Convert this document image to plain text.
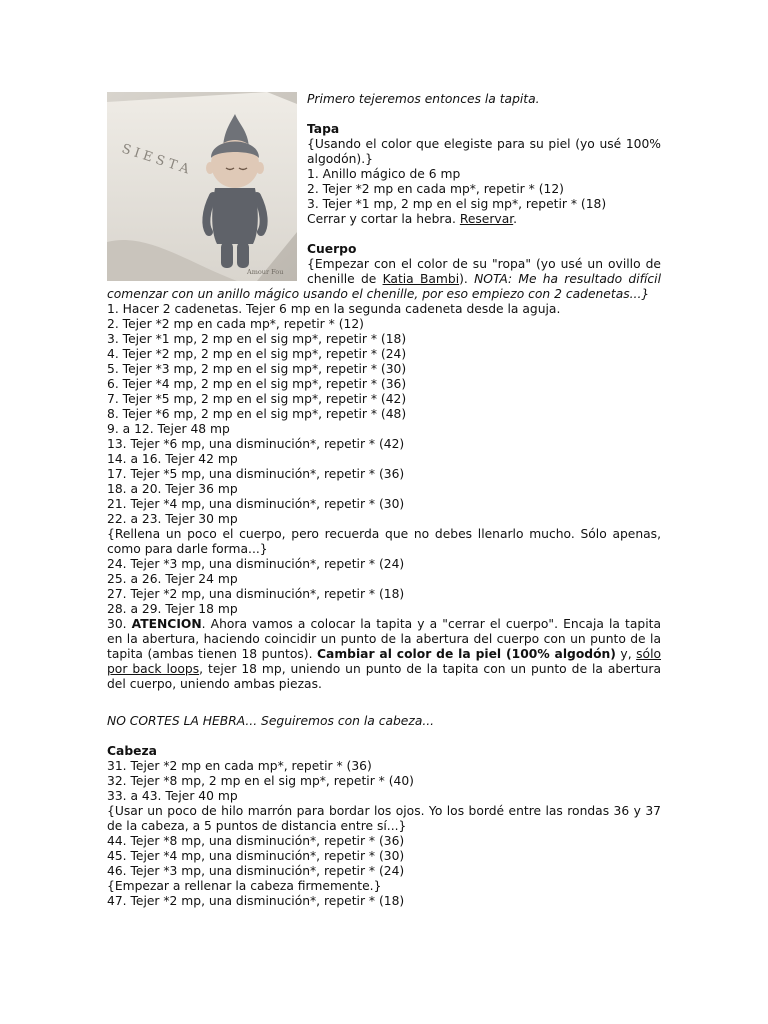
SIESTA
Amour Fou

Primero tejeremos entonces la tapita.

Tapa

{Usando el color que elegiste para su piel (yo usé 100% algodón).}

1. Anillo mágico de 6 mp

2. Tejer *2 mp en cada mp*, repetir * (12)

3. Tejer *1 mp, 2 mp en el sig mp*, repetir * (18)

Cerrar y cortar la hebra. Reservar.

Cuerpo

{Empezar con el color de su "ropa" (yo usé un ovillo de chenille de Katia Bambi). NOTA: Me ha resultado difícil comenzar con un anillo mágico usando el chenille, por eso empiezo con 2 cadenetas...}

1. Hacer 2 cadenetas. Tejer 6 mp en la segunda cadeneta desde la aguja.

2. Tejer *2 mp en cada mp*, repetir * (12)

3. Tejer *1 mp, 2 mp en el sig mp*, repetir * (18)

4. Tejer *2 mp, 2 mp en el sig mp*, repetir * (24)

5. Tejer *3 mp, 2 mp en el sig mp*, repetir * (30)

6. Tejer *4 mp, 2 mp en el sig mp*, repetir * (36)

7. Tejer *5 mp, 2 mp en el sig mp*, repetir * (42)

8. Tejer *6 mp, 2 mp en el sig mp*, repetir * (48)

9. a 12. Tejer 48 mp

13. Tejer *6 mp, una disminución*, repetir * (42)

14. a 16. Tejer 42 mp

17. Tejer *5 mp, una disminución*, repetir * (36)

18. a 20. Tejer 36 mp

21. Tejer *4 mp, una disminución*, repetir * (30)

22. a 23. Tejer 30 mp

{Rellena un poco el cuerpo, pero recuerda que no debes llenarlo mucho. Sólo apenas, como para darle forma...}

24. Tejer *3 mp, una disminución*, repetir * (24)

25. a 26. Tejer 24 mp

27. Tejer *2 mp, una disminución*, repetir * (18)

28. a 29. Tejer 18 mp

30. ATENCION. Ahora vamos a colocar la tapita y a "cerrar el cuerpo". Encaja la tapita en la abertura, haciendo coincidir un punto de la abertura del cuerpo con un punto de la tapita (ambas tienen 18 puntos). Cambiar al color de la piel (100% algodón) y, sólo por back loops, tejer 18 mp, uniendo un punto de la tapita con un punto de la abertura del cuerpo, uniendo ambas piezas.

NO CORTES LA HEBRA... Seguiremos con la cabeza...

Cabeza

31. Tejer *2 mp en cada mp*, repetir * (36)

32. Tejer *8 mp, 2 mp en el sig mp*, repetir * (40)

33. a 43. Tejer 40 mp

{Usar un poco de hilo marrón para bordar los ojos. Yo los bordé entre las rondas 36 y 37 de la cabeza, a 5 puntos de distancia entre sí...}

44. Tejer *8 mp, una disminución*, repetir * (36)

45. Tejer *4 mp, una disminución*, repetir * (30)

46. Tejer *3 mp, una disminución*, repetir * (24)

{Empezar a rellenar la cabeza firmemente.}

47. Tejer *2 mp, una disminución*, repetir * (18)
